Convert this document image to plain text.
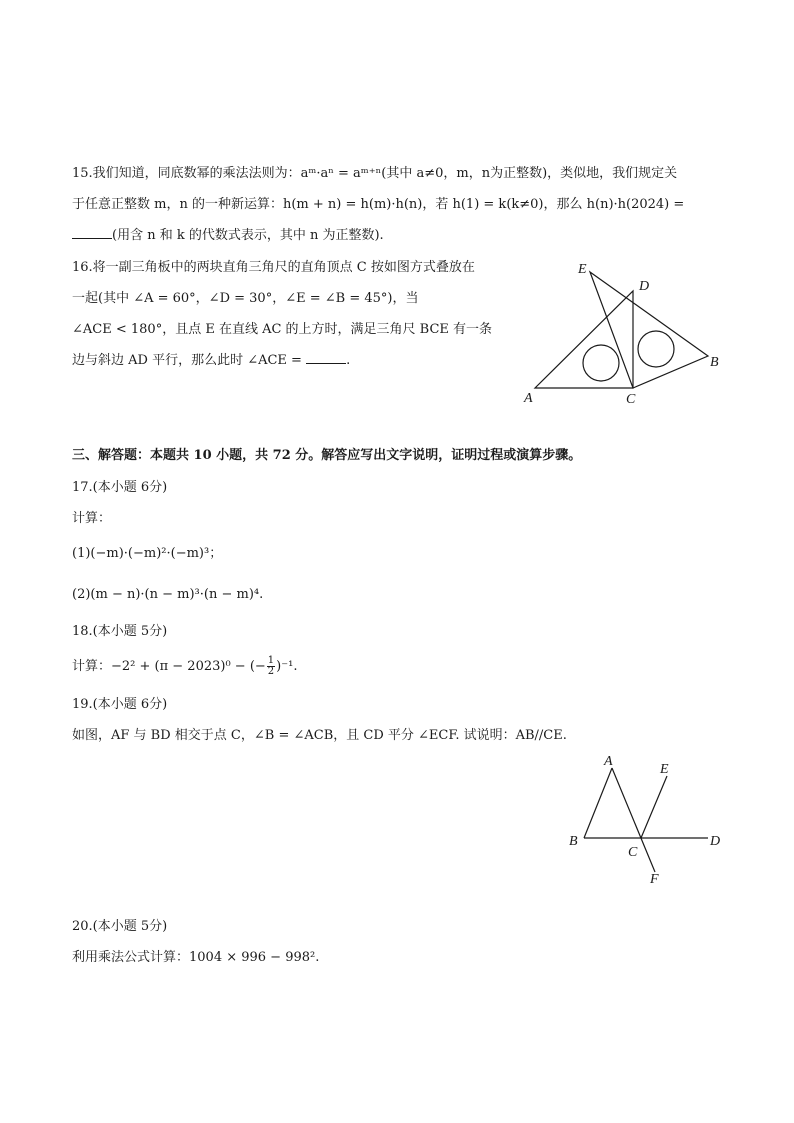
15.我们知道，同底数幂的乘法法则为：aᵐ·aⁿ = aᵐ⁺ⁿ(其中 a≠0，m，n为正整数)，类似地，我们规定关
于任意正整数 m，n 的一种新运算：h(m + n) = h(m)·h(n)，若 h(1) = k(k≠0)，那么 h(n)·h(2024) =
(用含 n 和 k 的代数式表示，其中 n 为正整数).
16.将一副三角板中的两块直角三角尺的直角顶点 C 按如图方式叠放在
一起(其中 ∠A = 60°，∠D = 30°，∠E = ∠B = 45°)，当
∠ACE < 180°，且点 E 在直线 AC 的上方时，满足三角尺 BCE 有一条
边与斜边 AD 平行，那么此时 ∠ACE =	.
E
D
A	C
B
三、解答题：本题共 10 小题，共 72 分。解答应写出文字说明，证明过程或演算步骤。
17.(本小题 6分)
计算：
(1)(−m)·(−m)²·(−m)³；
(2)(m − n)·(n − m)³·(n − m)⁴.
18.(本小题 5分)
计算：−2² + (π − 2023)⁰ − (− $\frac{1}{2} )^{-1}$.
19.(本小题 6分)
如图，AF 与 BD 相交于点 C，∠B = ∠ACB，且 CD 平分 ∠ECF. 试说明：AB//CE.
A
E
B
C
D
F
20.(本小题 5分)
利用乘法公式计算：1004 × 996 − 998².
